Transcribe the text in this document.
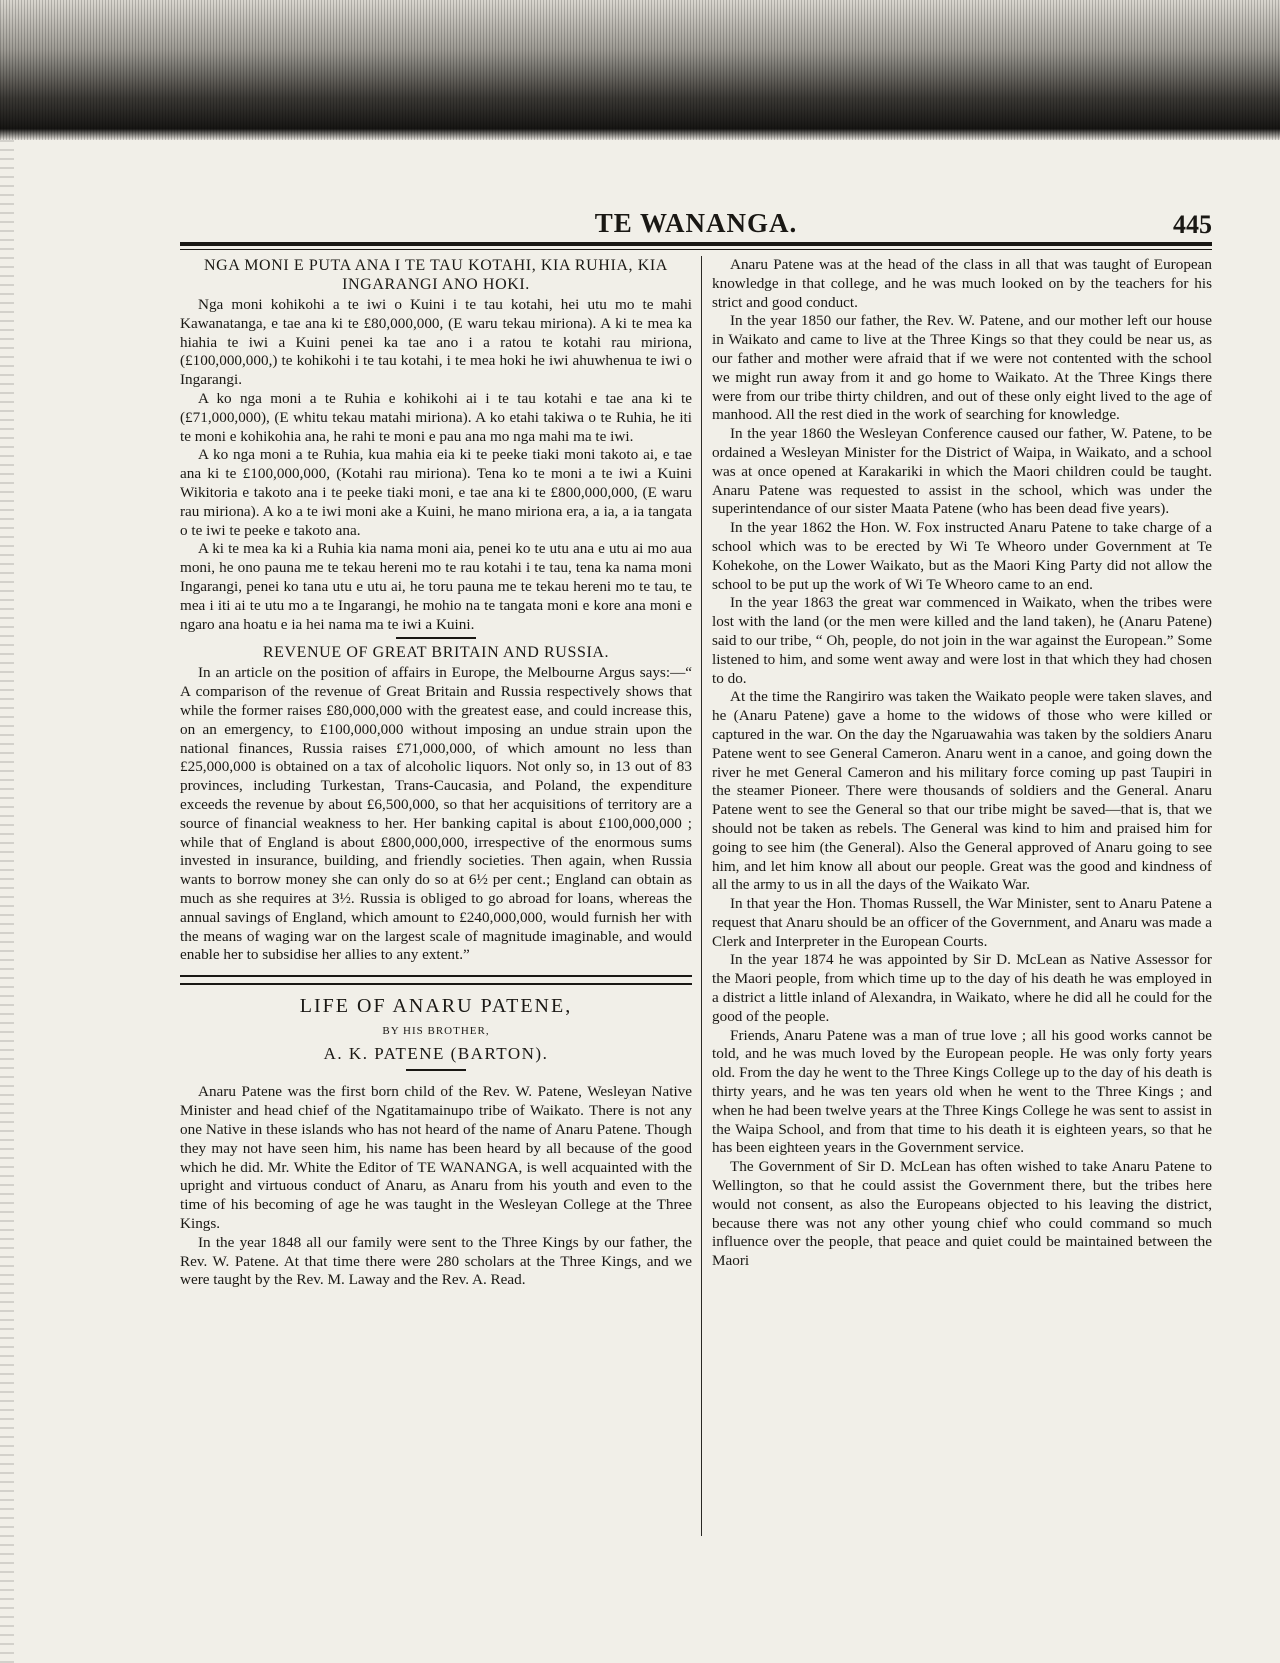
TE WANANGA.	445
NGA MONI E PUTA ANA I TE TAU KOTAHI, KIA RUHIA, KIA INGARANGI ANO HOKI.

Nga moni kohikohi a te iwi o Kuini i te tau kotahi, hei utu mo te mahi Kawanatanga, e tae ana ki te £80,000,000, (E waru tekau miriona). A ki te mea ka hiahia te iwi a Kuini penei ka tae ano i a ratou te kotahi rau miriona, (£100,000,000,) te kohikohi i te tau kotahi, i te mea hoki he iwi ahuwhenua te iwi o Ingarangi.

A ko nga moni a te Ruhia e kohikohi ai i te tau kotahi e tae ana ki te (£71,000,000), (E whitu tekau matahi miriona). A ko etahi takiwa o te Ruhia, he iti te moni e kohikohia ana, he rahi te moni e pau ana mo nga mahi ma te iwi.

A ko nga moni a te Ruhia, kua mahia eia ki te peeke tiaki moni takoto ai, e tae ana ki te £100,000,000, (Kotahi rau miriona). Tena ko te moni a te iwi a Kuini Wikitoria e takoto ana i te peeke tiaki moni, e tae ana ki te £800,000,000, (E waru rau miriona). A ko a te iwi moni ake a Kuini, he mano miriona era, a ia, a ia tangata o te iwi te peeke e takoto ana.

A ki te mea ka ki a Ruhia kia nama moni aia, penei ko te utu ana e utu ai mo aua moni, he ono pauna me te tekau hereni mo te rau kotahi i te tau, tena ka nama moni Ingarangi, penei ko tana utu e utu ai, he toru pauna me te tekau hereni mo te tau, te mea i iti ai te utu mo a te Ingarangi, he mohio na te tangata moni e kore ana moni e ngaro ana hoatu e ia hei nama ma te iwi a Kuini.

REVENUE OF GREAT BRITAIN AND RUSSIA.

In an article on the position of affairs in Europe, the Melbourne Argus says:—“ A comparison of the revenue of Great Britain and Russia respectively shows that while the former raises £80,000,000 with the greatest ease, and could increase this, on an emergency, to £100,000,000 without imposing an undue strain upon the national finances, Russia raises £71,000,000, of which amount no less than £25,000,000 is obtained on a tax of alcoholic liquors. Not only so, in 13 out of 83 provinces, including Turkestan, Trans-Caucasia, and Poland, the expenditure exceeds the revenue by about £6,500,000, so that her acquisitions of territory are a source of financial weakness to her. Her banking capital is about £100,000,000 ; while that of England is about £800,000,000, irrespective of the enormous sums invested in insurance, building, and friendly societies. Then again, when Russia wants to borrow money she can only do so at 6½ per cent.; England can obtain as much as she requires at 3½. Russia is obliged to go abroad for loans, whereas the annual savings of England, which amount to £240,000,000, would furnish her with the means of waging war on the largest scale of magnitude imaginable, and would enable her to subsidise her allies to any extent.”

LIFE OF ANARU PATENE,
BY HIS BROTHER,
A. K. PATENE (BARTON).

Anaru Patene was the first born child of the Rev. W. Patene, Wesleyan Native Minister and head chief of the Ngatitamainupo tribe of Waikato. There is not any one Native in these islands who has not heard of the name of Anaru Patene. Though they may not have seen him, his name has been heard by all because of the good which he did. Mr. White the Editor of TE WANANGA, is well acquainted with the upright and virtuous conduct of Anaru, as Anaru from his youth and even to the time of his becoming of age he was taught in the Wesleyan College at the Three Kings.

In the year 1848 all our family were sent to the Three Kings by our father, the Rev. W. Patene. At that time there were 280 scholars at the Three Kings, and we were taught by the Rev. M. Laway and the Rev. A. Read.

Anaru Patene was at the head of the class in all that was taught of European knowledge in that college, and he was much looked on by the teachers for his strict and good conduct.

In the year 1850 our father, the Rev. W. Patene, and our mother left our house in Waikato and came to live at the Three Kings so that they could be near us, as our father and mother were afraid that if we were not contented with the school we might run away from it and go home to Waikato. At the Three Kings there were from our tribe thirty children, and out of these only eight lived to the age of manhood. All the rest died in the work of searching for knowledge.

In the year 1860 the Wesleyan Conference caused our father, W. Patene, to be ordained a Wesleyan Minister for the District of Waipa, in Waikato, and a school was at once opened at Karakariki in which the Maori children could be taught. Anaru Patene was requested to assist in the school, which was under the superintendance of our sister Maata Patene (who has been dead five years).

In the year 1862 the Hon. W. Fox instructed Anaru Patene to take charge of a school which was to be erected by Wi Te Wheoro under Government at Te Kohekohe, on the Lower Waikato, but as the Maori King Party did not allow the school to be put up the work of Wi Te Wheoro came to an end.

In the year 1863 the great war commenced in Waikato, when the tribes were lost with the land (or the men were killed and the land taken), he (Anaru Patene) said to our tribe, “ Oh, people, do not join in the war against the European.” Some listened to him, and some went away and were lost in that which they had chosen to do.

At the time the Rangiriro was taken the Waikato people were taken slaves, and he (Anaru Patene) gave a home to the widows of those who were killed or captured in the war. On the day the Ngaruawahia was taken by the soldiers Anaru Patene went to see General Cameron. Anaru went in a canoe, and going down the river he met General Cameron and his military force coming up past Taupiri in the steamer Pioneer. There were thousands of soldiers and the General. Anaru Patene went to see the General so that our tribe might be saved—that is, that we should not be taken as rebels. The General was kind to him and praised him for going to see him (the General). Also the General approved of Anaru going to see him, and let him know all about our people. Great was the good and kindness of all the army to us in all the days of the Waikato War.

In that year the Hon. Thomas Russell, the War Minister, sent to Anaru Patene a request that Anaru should be an officer of the Government, and Anaru was made a Clerk and Interpreter in the European Courts.

In the year 1874 he was appointed by Sir D. McLean as Native Assessor for the Maori people, from which time up to the day of his death he was employed in a district a little inland of Alexandra, in Waikato, where he did all he could for the good of the people.

Friends, Anaru Patene was a man of true love ; all his good works cannot be told, and he was much loved by the European people. He was only forty years old. From the day he went to the Three Kings College up to the day of his death is thirty years, and he was ten years old when he went to the Three Kings ; and when he had been twelve years at the Three Kings College he was sent to assist in the Waipa School, and from that time to his death it is eighteen years, so that he has been eighteen years in the Government service.

The Government of Sir D. McLean has often wished to take Anaru Patene to Wellington, so that he could assist the Government there, but the tribes here would not consent, as also the Europeans objected to his leaving the district, because there was not any other young chief who could command so much influence over the people, that peace and quiet could be maintained between the Maori
